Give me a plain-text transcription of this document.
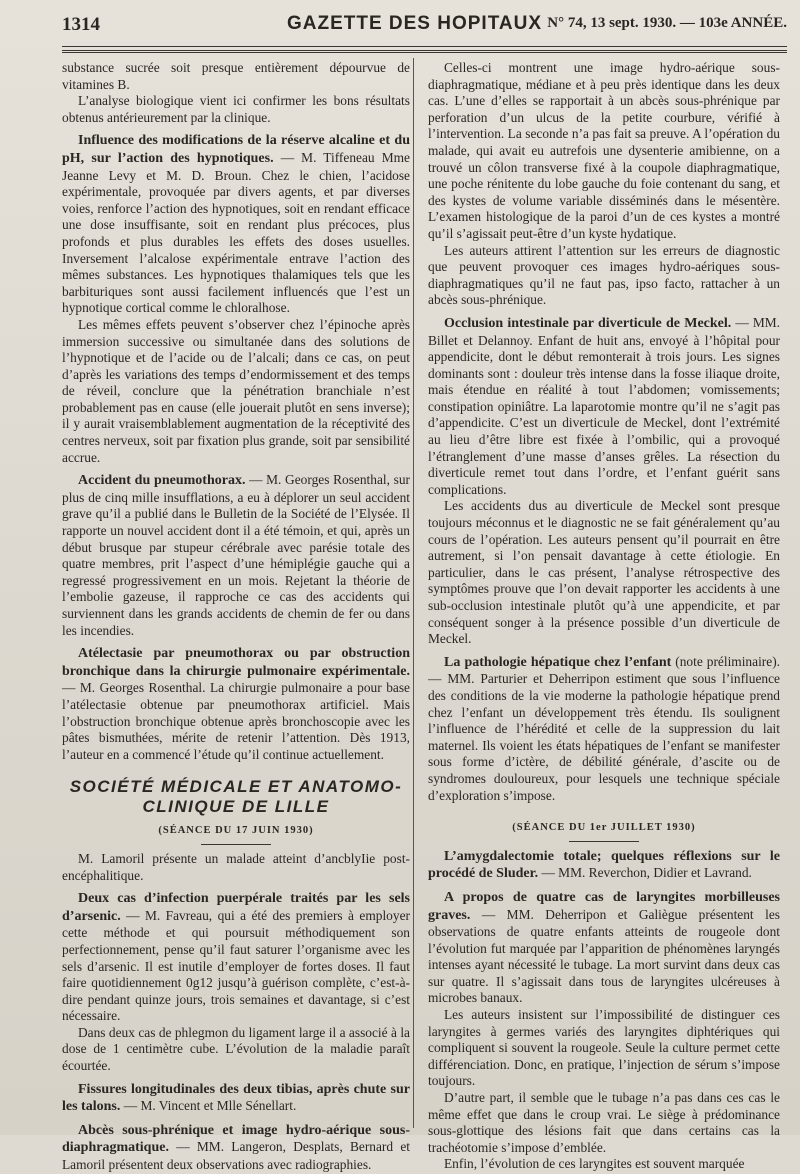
1314	GAZETTE DES HOPITAUX N° 74, 13 sept. 1930. — 103e ANNÉE.

substance sucrée soit presque entièrement dépourvue de vitamines B.

L’analyse biologique vient ici confirmer les bons résultats obtenus antérieurement par la clinique.

Influence des modifications de la réserve alcaline et du pH, sur l’action des hypnotiques. — M. Tiffeneau Mme Jeanne Levy et M. D. Broun. Chez le chien, l’acidose expérimentale, provoquée par divers agents, et par diverses voies, renforce l’action des hypnotiques, soit en rendant efficace une dose insuffisante, soit en rendant plus précoces, plus profonds et plus durables les effets des doses usuelles. Inversement l’alcalose expérimentale entrave l’action des mêmes substances. Les hypnotiques thalamiques tels que les barbituriques sont aussi facilement influencés que l’est un hypnotique cortical comme le chloralhose.

Les mêmes effets peuvent s’observer chez l’épinoche après immersion successive ou simultanée dans des solutions de l’hypnotique et de l’acide ou de l’alcali; dans ce cas, on peut d’après les variations des temps d’endormissement et des temps de réveil, conclure que la pénétration branchiale n’est probablement pas en cause (elle jouerait plutôt en sens inverse); il y aurait vraisemblablement augmentation de la réceptivité des centres nerveux, soit par fixation plus grande, soit par sensibilité accrue.

Accident du pneumothorax. — M. Georges Rosenthal, sur plus de cinq mille insufflations, a eu à déplorer un seul accident grave qu’il a publié dans le Bulletin de la Société de l’Elysée. Il rapporte un nouvel accident dont il a été témoin, et qui, après un début brusque par stupeur cérébrale avec parésie totale des quatre membres, prit l’aspect d’une hémiplégie gauche qui a regressé progressivement en un mois. Rejetant la théorie de l’embolie gazeuse, il rapproche ce cas des accidents qui surviennent dans les grands accidents de chemin de fer ou dans les incendies.

Atélectasie par pneumothorax ou par obstruction bronchique dans la chirurgie pulmonaire expérimentale. — M. Georges Rosenthal. La chirurgie pulmonaire a pour base l’atélectasie obtenue par pneumothorax artificiel. Mais l’obstruction bronchique obtenue après bronchoscopie avec les pâtes bismuthées, mérite de retenir l’attention. Dès 1913, l’auteur en a commencé l’étude qu’il continue actuellement.

SOCIÉTÉ MÉDICALE ET ANATOMO-CLINIQUE DE LILLE
(SÉANCE DU 17 JUIN 1930)

M. Lamoril présente un malade atteint d’ancblyIie post-encéphalitique.

Deux cas d’infection puerpérale traités par les sels d’arsenic. — M. Favreau, qui a été des premiers à employer cette méthode et qui poursuit méthodiquement son perfectionnement, pense qu’il faut saturer l’organisme avec les sels d’arsenic. Il est inutile d’employer de fortes doses. Il faut faire quotidiennement 0g12 jusqu’à guérison complète, c’est-à-dire pendant quinze jours, trois semaines et davantage, si c’est nécessaire.

Dans deux cas de phlegmon du ligament large il a associé à la dose de 1 centimètre cube. L’évolution de la maladie paraît écourtée.

Fissures longitudinales des deux tibias, après chute sur les talons. — M. Vincent et Mlle Sénellart.

Abcès sous-phrénique et image hydro-aérique sous-diaphragmatique. — MM. Langeron, Desplats, Bernard et Lamoril présentent deux observations avec radiographies.

Celles-ci montrent une image hydro-aérique sous-diaphragmatique, médiane et à peu près identique dans les deux cas. L’une d’elles se rapportait à un abcès sous-phrénique par perforation d’un ulcus de la petite courbure, vérifié à l’intervention. La seconde n’a pas fait sa preuve. A l’opération du malade, qui avait eu autrefois une dysenterie amibienne, on a trouvé un côlon transverse fixé à la coupole diaphragmatique, une poche rénitente du lobe gauche du foie contenant du sang, et des kystes de volume variable disséminés dans le mésentère. L’examen histologique de la paroi d’un de ces kystes a montré qu’il s’agissait peut-être d’un kyste hydatique.

Les auteurs attirent l’attention sur les erreurs de diagnostic que peuvent provoquer ces images hydro-aériques sous-diaphragmatiques qu’il ne faut pas, ipso facto, rattacher à un abcès sous-phrénique.

Occlusion intestinale par diverticule de Meckel. — MM. Billet et Delannoy. Enfant de huit ans, envoyé à l’hôpital pour appendicite, dont le début remonterait à trois jours. Les signes dominants sont : douleur très intense dans la fosse iliaque droite, mais étendue en réalité à tout l’abdomen; vomissements; constipation opiniâtre. La laparotomie montre qu’il ne s’agit pas d’appendicite. C’est un diverticule de Meckel, dont l’extrémité au lieu d’être libre est fixée à l’ombilic, qui a provoqué l’étranglement d’une masse d’anses grêles. La résection du diverticule remet tout dans l’ordre, et l’enfant guérit sans complications.

Les accidents dus au diverticule de Meckel sont presque toujours méconnus et le diagnostic ne se fait généralement qu’au cours de l’opération. Les auteurs pensent qu’il pourrait en être autrement, si l’on pensait davantage à cette étiologie. En particulier, dans le cas présent, l’analyse rétrospective des symptômes prouve que l’on devait rapporter les accidents à une sub-occlusion intestinale plutôt qu’à une appendicite, et par conséquent songer à la présence possible d’un diverticule de Meckel.

La pathologie hépatique chez l’enfant (note préliminaire). — MM. Parturier et Deherripon estiment que sous l’influence des conditions de la vie moderne la pathologie hépatique prend chez l’enfant un développement très étendu. Ils soulignent l’influence de l’hérédité et celle de la suppression du lait maternel. Ils voient les états hépatiques de l’enfant se manifester sous forme d’ictère, de débilité générale, d’ascite ou de syndromes douloureux, pour lesquels une technique spéciale d’exploration s’impose.

(SÉANCE DU 1er JUILLET 1930)

L’amygdalectomie totale; quelques réflexions sur le procédé de Sluder. — MM. Reverchon, Didier et Lavrand.

A propos de quatre cas de laryngites morbilleuses graves. — MM. Deherripon et Galiègue présentent les observations de quatre enfants atteints de rougeole dont l’évolution fut marquée par l’apparition de phénomènes laryngés intenses ayant nécessité le tubage. La mort survint dans deux cas sur quatre. Il s’agissait dans tous de laryngites ulcéreuses à microbes banaux.

Les auteurs insistent sur l’impossibilité de distinguer ces laryngites à germes variés des laryngites diphtériques qui compliquent si souvent la rougeole. Seule la culture permet cette différenciation. Donc, en pratique, l’injection de sérum s’impose toujours.

D’autre part, il semble que le tubage n’a pas dans ces cas le même effet que dans le croup vrai. Le siège à prédominance sous-glottique des lésions fait que dans certains cas la trachéotomie s’impose d’emblée.

Enfin, l’évolution de ces laryngites est souvent marquée
